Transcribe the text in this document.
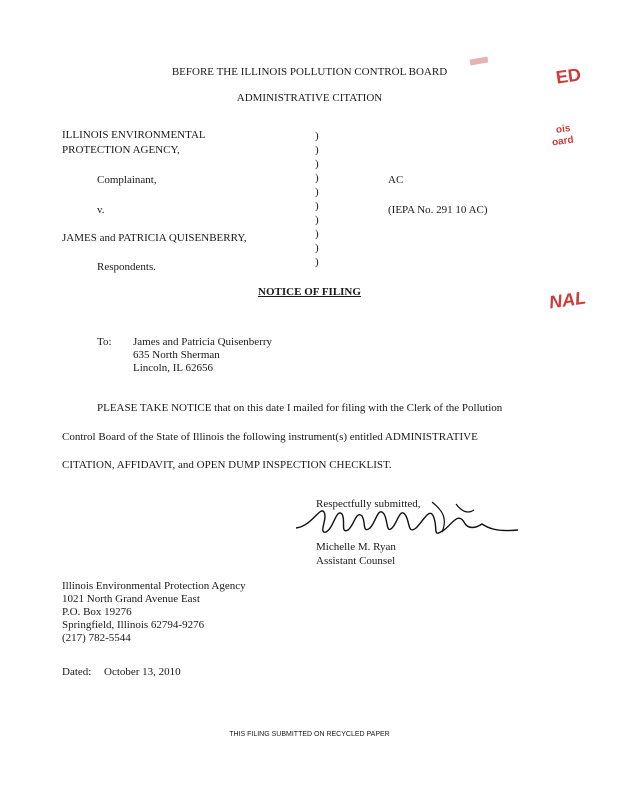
BEFORE THE ILLINOIS POLLUTION CONTROL BOARD
ADMINISTRATIVE CITATION
ILLINOIS ENVIRONMENTAL
PROTECTION AGENCY,
Complainant,
v.
JAMES and PATRICIA QUISENBERRY,
Respondents.
)
)
)
)
)
)
)
)
)
)
AC
(IEPA No. 291 10 AC)
NOTICE OF FILING
To: James and Patricia Quisenberry
635 North Sherman
Lincoln, IL 62656
PLEASE TAKE NOTICE that on this date I mailed for filing with the Clerk of the Pollution
Control Board of the State of Illinois the following instrument(s) entitled ADMINISTRATIVE
CITATION, AFFIDAVIT, and OPEN DUMP INSPECTION CHECKLIST.
Respectfully submitted,
Michelle M. Ryan
Assistant Counsel
Illinois Environmental Protection Agency
1021 North Grand Avenue East
P.O. Box 19276
Springfield, Illinois 62794-9276
(217) 782-5544
Dated: October 13, 2010
THIS FILING SUBMITTED ON RECYCLED PAPER
ED
ois
oard
NAL
